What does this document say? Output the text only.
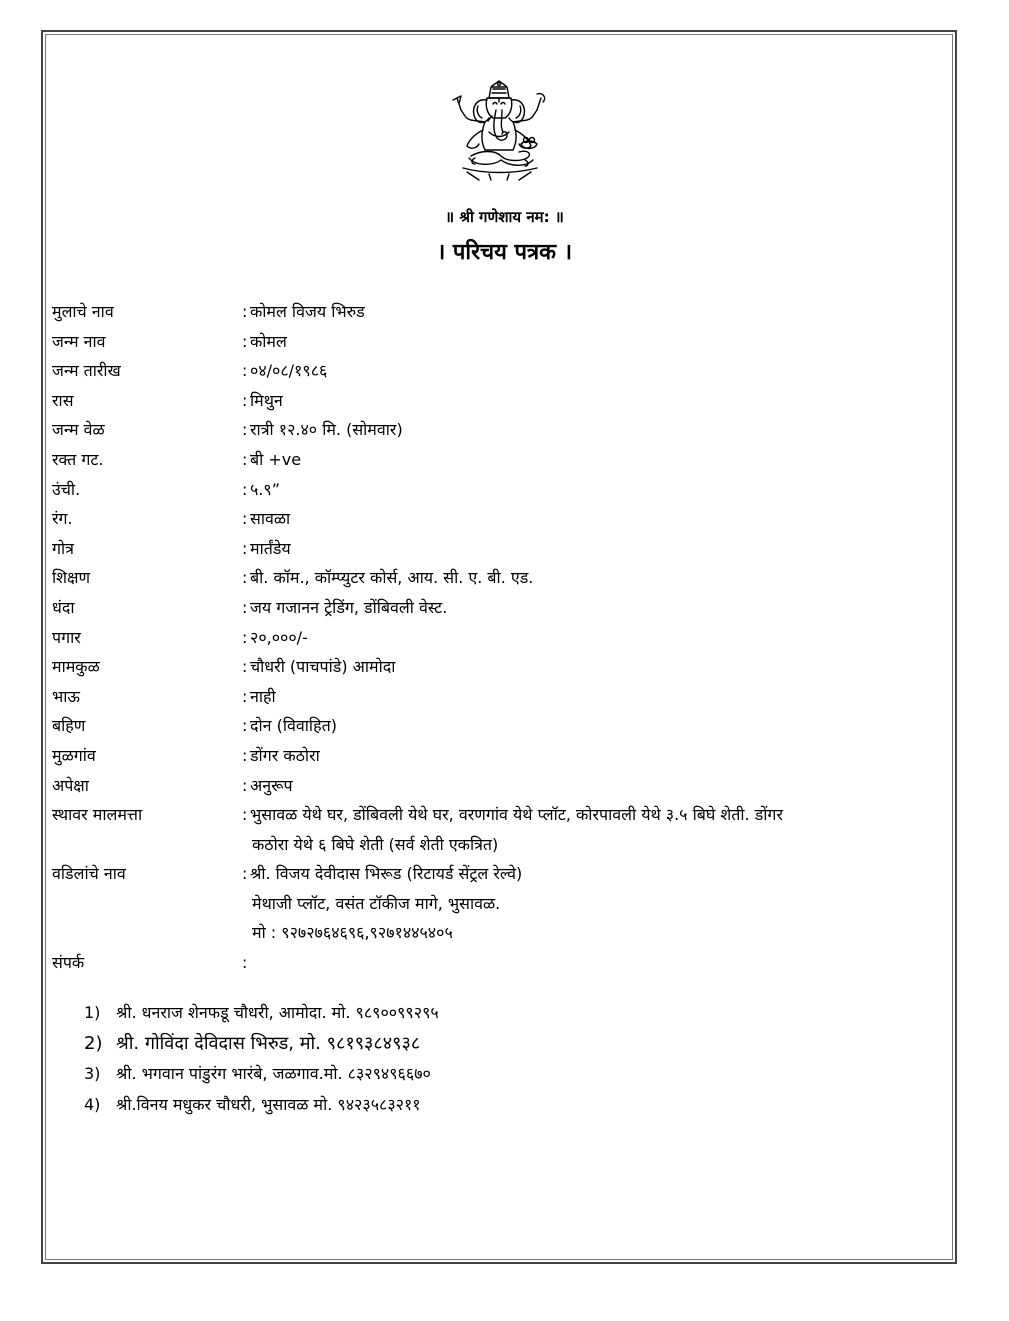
॥ श्री गणेशाय नम: ॥
। परिचय पत्रक ।
मुलाचे नाव	: कोमल विजय भिरुड
जन्म नाव	: कोमल
जन्म तारीख	: ०४/०८/१९८६
रास	: मिथुन
जन्म वेळ	: रात्री १२.४० मि. (सोमवार)
रक्त गट.	: बी +ve
उंची.	: ५.९”
रंग.	: सावळा
गोत्र	: मार्तंडेय
शिक्षण	: बी. कॉम., कॉम्प्युटर कोर्स, आय. सी. ए. बी. एड.
धंदा	: जय गजानन ट्रेडिंग, डोंबिवली वेस्ट.
पगार	: २०,०००/-
मामकुळ	: चौधरी (पाचपांडे) आमोदा
भाऊ	: नाही
बहिण	: दोन (विवाहित)
मुळगांव	: डोंगर कठोरा
अपेक्षा	: अनुरूप
स्थावर मालमत्ता	: भुसावळ येथे घर, डोंबिवली येथे घर, वरणगांव येथे प्लॉट, कोरपावली येथे ३.५ बिघे शेती. डोंगर
कठोरा येथे ६ बिघे शेती (सर्व शेती एकत्रित)
वडिलांचे नाव	: श्री. विजय देवीदास भिरूड (रिटायर्ड सेंट्रल रेल्वे)
मेथाजी प्लॉट, वसंत टॉकीज मागे, भुसावळ.
मो : ९२७२७६४६९६,९२७१४४५४०५
संपर्क	:
1) श्री. धनराज शेनफडू चौधरी, आमोदा. मो. ९८९००९९२९५
2) श्री. गोविंदा देविदास भिरुड, मो. ९८१९३८४९३८
3) श्री. भगवान पांडुरंग भारंबे, जळगाव.मो. ८३२९४९६६७०
4) श्री.विनय मधुकर चौधरी, भुसावळ मो. ९४२३५८३२११
